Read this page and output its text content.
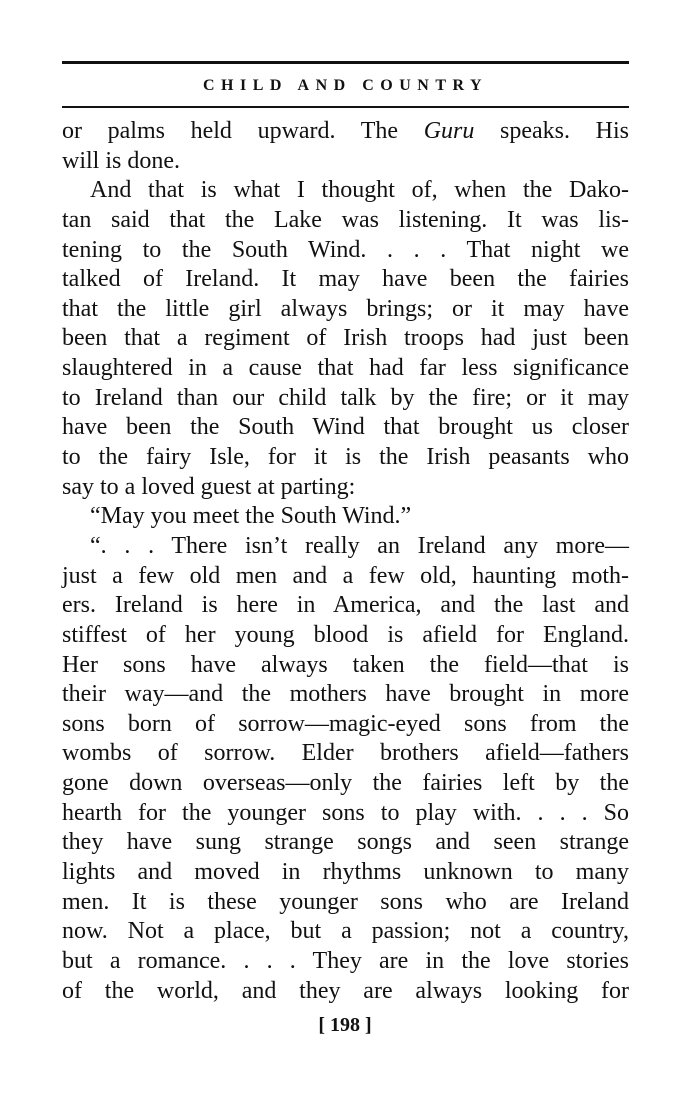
CHILD AND COUNTRY
or palms held upward. The Guru speaks. His
will is done.
And that is what I thought of, when the Dako-
tan said that the Lake was listening. It was lis-
tening to the South Wind. . . . That night we
talked of Ireland. It may have been the fairies
that the little girl always brings; or it may have
been that a regiment of Irish troops had just been
slaughtered in a cause that had far less significance
to Ireland than our child talk by the fire; or it may
have been the South Wind that brought us closer
to the fairy Isle, for it is the Irish peasants who
say to a loved guest at parting:
“May you meet the South Wind.”
“. . . There isn’t really an Ireland any more—
just a few old men and a few old, haunting moth-
ers. Ireland is here in America, and the last and
stiffest of her young blood is afield for England.
Her sons have always taken the field—that is
their way—and the mothers have brought in more
sons born of sorrow—magic-eyed sons from the
wombs of sorrow. Elder brothers afield—fathers
gone down overseas—only the fairies left by the
hearth for the younger sons to play with. . . . So
they have sung strange songs and seen strange
lights and moved in rhythms unknown to many
men. It is these younger sons who are Ireland
now. Not a place, but a passion; not a country,
but a romance. . . . They are in the love stories
of the world, and they are always looking for
[ 198 ]
